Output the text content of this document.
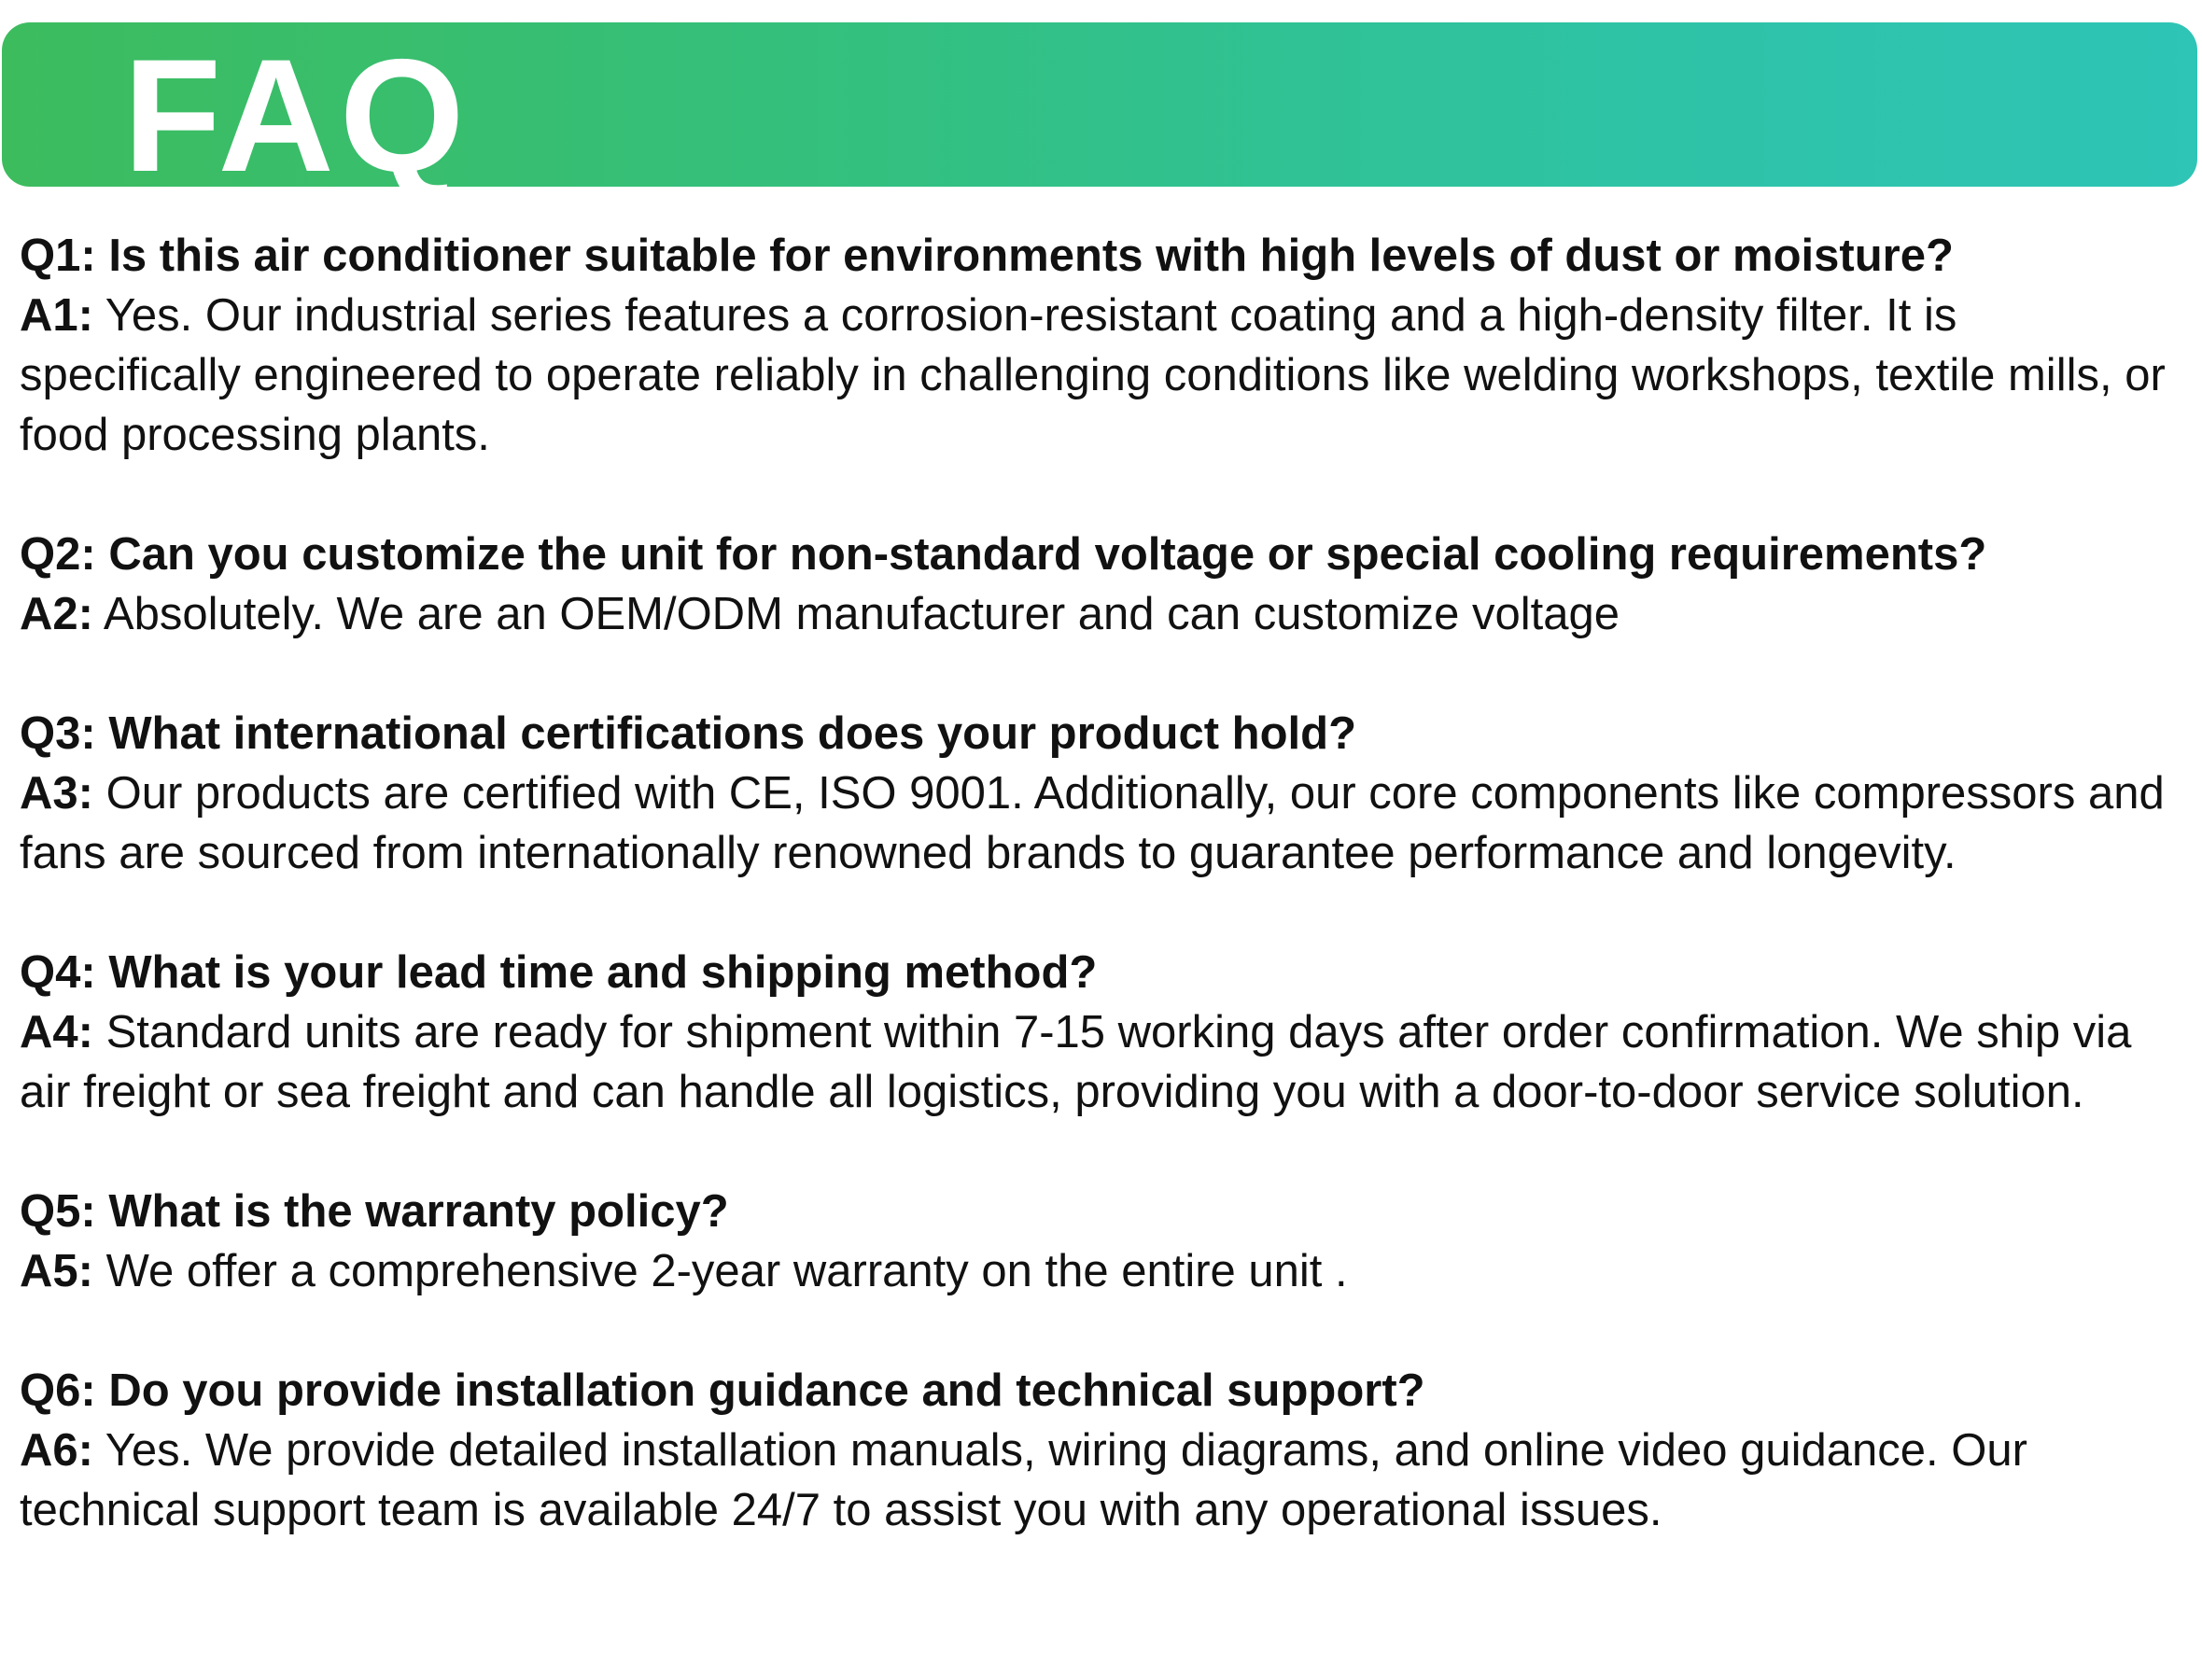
FAQ

Q1: Is this air conditioner suitable for environments with high levels of dust or moisture?

A1: Yes. Our industrial series features a corrosion-resistant coating and a high-density filter. It is specifically engineered to operate reliably in challenging conditions like welding workshops, textile mills, or food processing plants.

Q2: Can you customize the unit for non-standard voltage or special cooling requirements?

A2: Absolutely. We are an OEM/ODM manufacturer and can customize voltage

Q3: What international certifications does your product hold?

A3: Our products are certified with CE, ISO 9001. Additionally, our core components like compressors and fans are sourced from internationally renowned brands to guarantee performance and longevity.

Q4: What is your lead time and shipping method?

A4: Standard units are ready for shipment within 7-15 working days after order confirmation. We ship via air freight or sea freight and can handle all logistics, providing you with a door-to-door service solution.

Q5: What is the warranty policy?

A5: We offer a comprehensive 2-year warranty on the entire unit .

Q6: Do you provide installation guidance and technical support?

A6: Yes. We provide detailed installation manuals, wiring diagrams, and online video guidance. Our technical support team is available 24/7 to assist you with any operational issues.
